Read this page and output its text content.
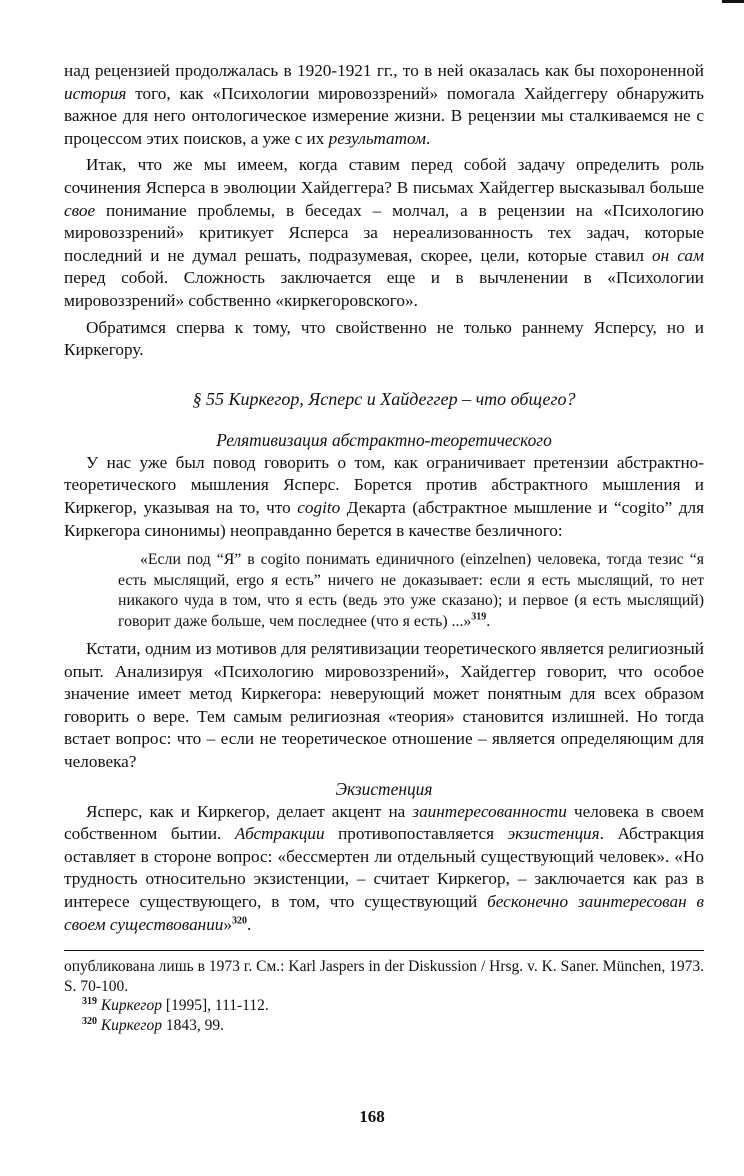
над рецензией продолжалась в 1920-1921 гг., то в ней оказалась как бы похороненной история того, как «Психологии мировоззрений» помогала Хайдеггеру обнаружить важное для него онтологическое измерение жизни. В рецензии мы сталкиваемся не с процессом этих поисков, а уже с их результатом.

Итак, что же мы имеем, когда ставим перед собой задачу определить роль сочинения Ясперса в эволюции Хайдеггера? В письмах Хайдеггер высказывал больше свое понимание проблемы, в беседах – молчал, а в рецензии на «Психологию мировоззрений» критикует Ясперса за нереализованность тех задач, которые последний и не думал решать, подразумевая, скорее, цели, которые ставил он сам перед собой. Сложность заключается еще и в вычленении в «Психологии мировоззрений» собственно «киркегоровского».

Обратимся сперва к тому, что свойственно не только раннему Ясперсу, но и Киркегору.

§ 55 Киркегор, Ясперс и Хайдеггер – что общего?
Релятивизация абстрактно-теоретического

У нас уже был повод говорить о том, как ограничивает претензии абстрактно-теоретического мышления Ясперс. Борется против абстрактного мышления и Киркегор, указывая на то, что cogito Декарта (абстрактное мышление и “cogito” для Киркегора синонимы) неоправданно берется в качестве безличного:

«Если под “Я” в cogito понимать единичного (einzelnen) человека, тогда тезис “я есть мыслящий, ergo я есть” ничего не доказывает: если я есть мыслящий, то нет никакого чуда в том, что я есть (ведь это уже сказано); и первое (я есть мыслящий) говорит даже больше, чем последнее (что я есть) ...»$^{319}$.

Кстати, одним из мотивов для релятивизации теоретического является религиозный опыт. Анализируя «Психологию мировоззрений», Хайдеггер говорит, что особое значение имеет метод Киркегора: неверующий может понятным для всех образом говорить о вере. Тем самым религиозная «теория» становится излишней. Но тогда встает вопрос: что – если не теоретическое отношение – является определяющим для человека?

Экзистенция

Ясперс, как и Киркегор, делает акцент на заинтересованности человека в своем собственном бытии. Абстракции противопоставляется экзистенция. Абстракция оставляет в стороне вопрос: «бессмертен ли отдельный существующий человек». «Но трудность относительно экзистенции, – считает Киркегор, – заключается как раз в интересе существующего, в том, что существующий бесконечно заинтересован в своем существовании»$^{320}$.

опубликована лишь в 1973 г. См.: Karl Jaspers in der Diskussion / Hrsg. v. K. Saner. München, 1973. S. 70-100.

$^{319}$ Киркегор [1995], 111-112.

$^{320}$ Киркегор 1843, 99.

168
